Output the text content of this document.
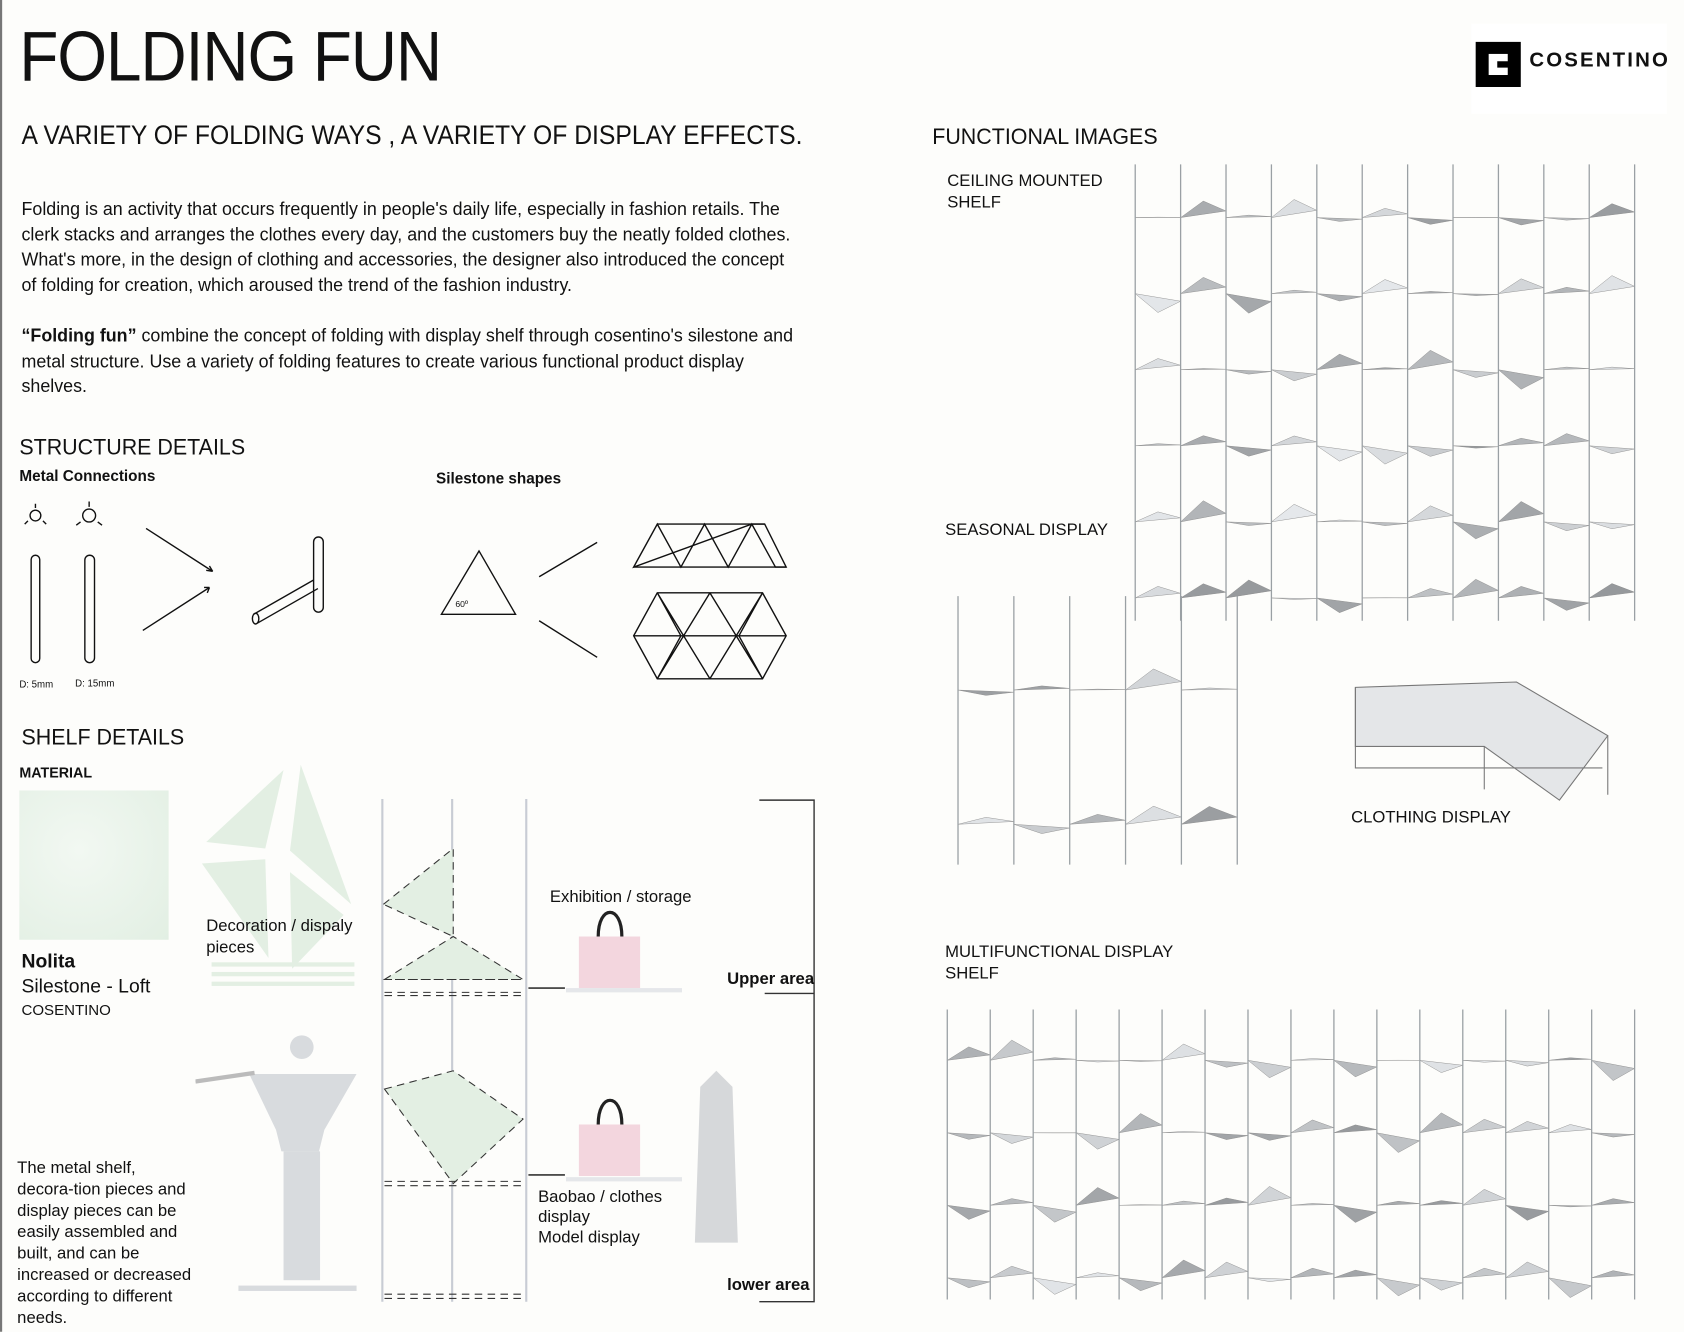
FOLDING FUN
A VARIETY OF FOLDING WAYS , A VARIETY OF DISPLAY EFFECTS.
COSENTINO
Folding is an activity that occurs frequently in people's daily life, especially in fashion retails. The clerk stacks and arranges the clothes every day, and the customers buy the neatly folded clothes. What's more, in the design of clothing and accessories, the designer also introduced the concept of folding for creation, which aroused the trend of the fashion industry.
“Folding fun” combine the concept of folding with display shelf through cosentino's silestone and metal structure. Use a variety of folding features to create various functional product display shelves.
STRUCTURE DETAILS
Metal Connections	Silestone shapes
D: 5mm D: 15mm
60º
SHELF DETAILS
MATERIAL
Nolita
Silestone - Loft
COSENTINO
Decoration / dispaly pieces
Exhibition / storage
Upper area
lower area
Baobao / clothes
display
Model display
The metal shelf, decora-tion pieces and display pieces can be easily assembled and built, and can be increased or decreased according to different needs.
FUNCTIONAL IMAGES
CEILING MOUNTED
SHELF
SEASONAL DISPLAY
CLOTHING DISPLAY
MULTIFUNCTIONAL DISPLAY
SHELF
